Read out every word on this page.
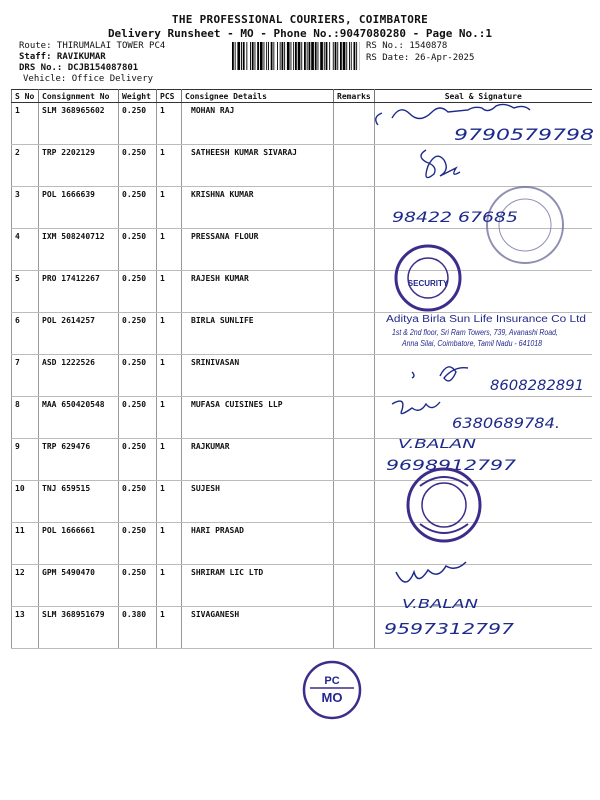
THE PROFESSIONAL COURIERS, COIMBATORE
Delivery Runsheet - MO - Phone No.:9047080280 - Page No.:1
Route: THIRUMALAI TOWER PC4
Staff: RAVIKUMAR
DRS No.: DCJB154087801
Vehicle: Office Delivery
RS No.: 1540878
RS Date: 26-Apr-2025
S No	Consignment No	Weight	PCS	Consignee Details	Remarks	Seal & Signature
1	SLM 368965602	0.250	1	MOHAN RAJ		
2	TRP 2202129	0.250	1	SATHEESH KUMAR SIVARAJ		
3	POL 1666639	0.250	1	KRISHNA KUMAR		
4	IXM 508240712	0.250	1	PRESSANA FLOUR		
5	PRO 17412267	0.250	1	RAJESH KUMAR		
6	POL 2614257	0.250	1	BIRLA SUNLIFE		
7	ASD 1222526	0.250	1	SRINIVASAN		
8	MAA 650420548	0.250	1	MUFASA CUISINES LLP		
9	TRP 629476	0.250	1	RAJKUMAR		
10	TNJ 659515	0.250	1	SUJESH		
11	POL 1666661	0.250	1	HARI PRASAD		
12	GPM 5490470	0.250	1	SHRIRAM LIC LTD		
13	SLM 368951679	0.380	1	SIVAGANESH		
9790579798
98422 67685
SECURITY
Aditya Birla Sun Life Insurance Co Ltd
1st & 2nd floor, Sri Ram Towers, 739, Avanashi Road,
Anna Silai, Coimbatore, Tamil Nadu - 641018
8608282891
6380689784.
V.BALAN
9698912797
V.BALAN
9597312797
PC
MO
